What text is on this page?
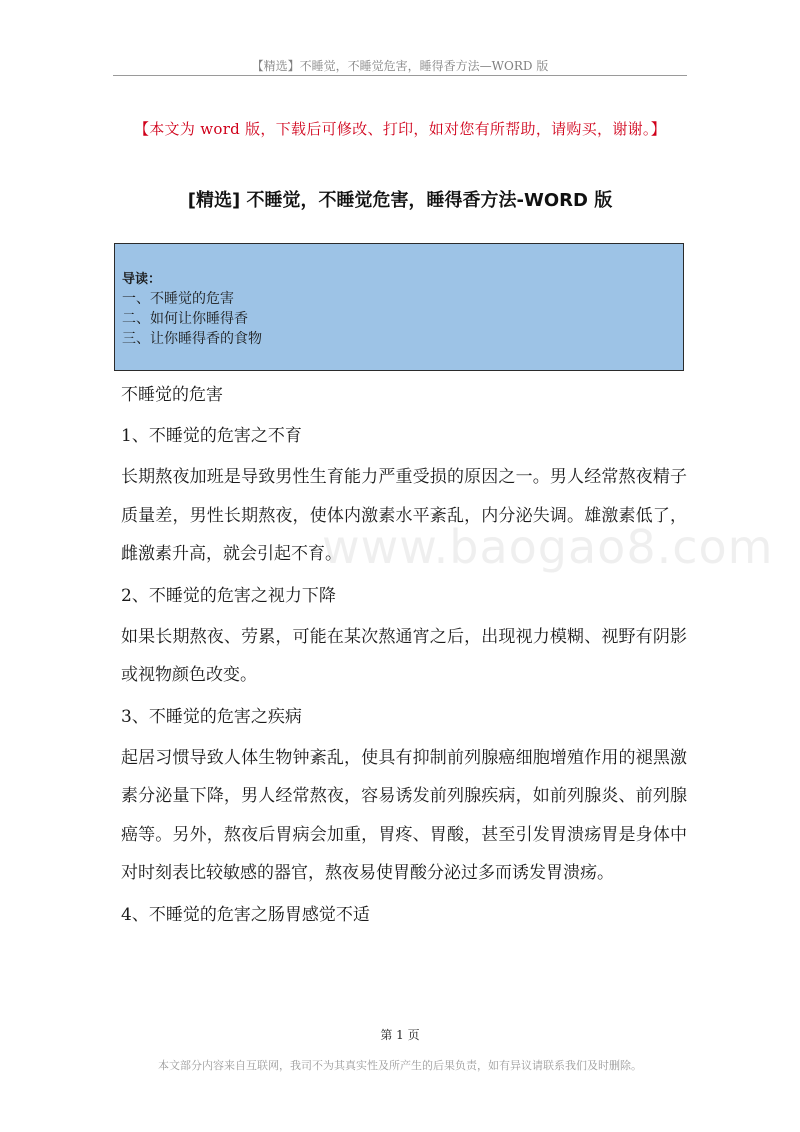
【精选】不睡觉，不睡觉危害，睡得香方法—WORD 版
【本文为 word 版，下载后可修改、打印，如对您有所帮助，请购买，谢谢。】
[精选] 不睡觉，不睡觉危害，睡得香方法-WORD 版
导读：
一、不睡觉的危害
二、如何让你睡得香
三、让你睡得香的食物
www.baogao8.com
不睡觉的危害
1、不睡觉的危害之不育
长期熬夜加班是导致男性生育能力严重受损的原因之一。男人经常熬夜精子质量差，男性长期熬夜，使体内激素水平紊乱，内分泌失调。雄激素低了，雌激素升高，就会引起不育。
2、不睡觉的危害之视力下降
如果长期熬夜、劳累，可能在某次熬通宵之后，出现视力模糊、视野有阴影或视物颜色改变。
3、不睡觉的危害之疾病
起居习惯导致人体生物钟紊乱，使具有抑制前列腺癌细胞增殖作用的褪黑激素分泌量下降，男人经常熬夜，容易诱发前列腺疾病，如前列腺炎、前列腺癌等。另外，熬夜后胃病会加重，胃疼、胃酸，甚至引发胃溃疡胃是身体中对时刻表比较敏感的器官，熬夜易使胃酸分泌过多而诱发胃溃疡。
4、不睡觉的危害之肠胃感觉不适
第 1 页
本文部分内容来自互联网，我司不为其真实性及所产生的后果负责，如有异议请联系我们及时删除。
